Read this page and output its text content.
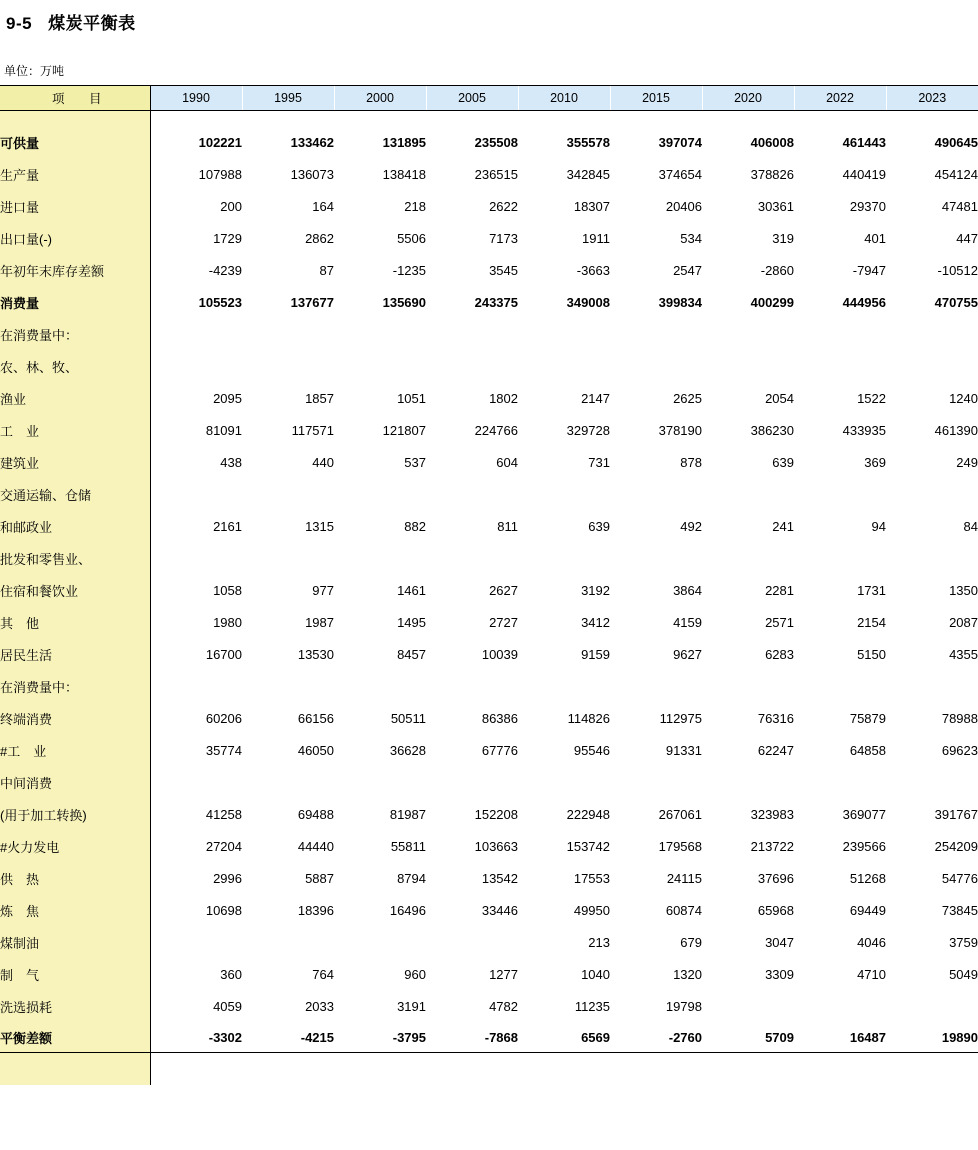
9-5 煤炭平衡表
单位：万吨
项　目	1990	1995	2000	2005	2010	2015	2020	2022	2023

可供量	102221	133462	131895	235508	355578	397074	406008	461443	490645
生产量	107988	136073	138418	236515	342845	374654	378826	440419	454124
进口量	200	164	218	2622	18307	20406	30361	29370	47481
出口量(-)	1729	2862	5506	7173	1911	534	319	401	447
年初年末库存差额	-4239	87	-1235	3545	-3663	2547	-2860	-7947	-10512
消费量	105523	137677	135690	243375	349008	399834	400299	444956	470755
在消费量中：									
农、林、牧、									
渔业	2095	1857	1051	1802	2147	2625	2054	1522	1240
工　业	81091	117571	121807	224766	329728	378190	386230	433935	461390
建筑业	438	440	537	604	731	878	639	369	249
交通运输、仓储									
和邮政业	2161	1315	882	811	639	492	241	94	84
批发和零售业、									
住宿和餐饮业	1058	977	1461	2627	3192	3864	2281	1731	1350
其　他	1980	1987	1495	2727	3412	4159	2571	2154	2087
居民生活	16700	13530	8457	10039	9159	9627	6283	5150	4355
在消费量中：									
终端消费	60206	66156	50511	86386	114826	112975	76316	75879	78988
#工　业	35774	46050	36628	67776	95546	91331	62247	64858	69623
中间消费									
(用于加工转换)	41258	69488	81987	152208	222948	267061	323983	369077	391767
#火力发电	27204	44440	55811	103663	153742	179568	213722	239566	254209
供　热	2996	5887	8794	13542	17553	24115	37696	51268	54776
炼　焦	10698	18396	16496	33446	49950	60874	65968	69449	73845
煤制油					213	679	3047	4046	3759
制　气	360	764	960	1277	1040	1320	3309	4710	5049
洗选损耗	4059	2033	3191	4782	11235	19798			
平衡差额	-3302	-4215	-3795	-7868	6569	-2760	5709	16487	19890
